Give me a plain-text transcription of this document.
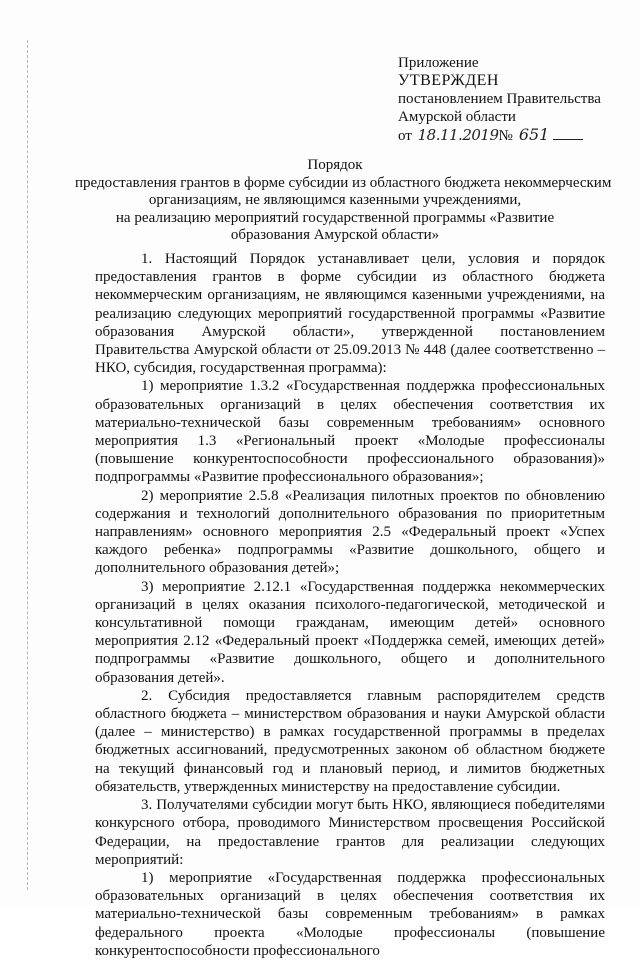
Приложение
УТВЕРЖДЕН
постановлением Правительства
Амурской области
от 18.11.2019№ 651
Порядок
предоставления грантов в форме субсидии из областного бюджета некоммерческим
организациям, не являющимся казенными учреждениями,
на реализацию мероприятий государственной программы «Развитие
образования Амурской области»

1. Настоящий Порядок устанавливает цели, условия и порядок предоставления грантов в форме субсидии из областного бюджета некоммерческим организациям, не являющимся казенными учреждениями, на реализацию следующих мероприятий государственной программы «Развитие образования Амурской области», утвержденной постановлением Правительства Амурской области от 25.09.2013 № 448 (далее соответственно – НКО, субсидия, государственная программа):

1) мероприятие 1.3.2 «Государственная поддержка профессиональных образовательных организаций в целях обеспечения соответствия их материально-технической базы современным требованиям» основного мероприятия 1.3 «Региональный проект «Молодые профессионалы (повышение конкурентоспособности профессионального образования)» подпрограммы «Развитие профессионального образования»;

2) мероприятие 2.5.8 «Реализация пилотных проектов по обновлению содержания и технологий дополнительного образования по приоритетным направлениям» основного мероприятия 2.5 «Федеральный проект «Успех каждого ребенка» подпрограммы «Развитие дошкольного, общего и дополнительного образования детей»;

3) мероприятие 2.12.1 «Государственная поддержка некоммерческих организаций в целях оказания психолого-педагогической, методической и консультативной помощи гражданам, имеющим детей» основного мероприятия 2.12 «Федеральный проект «Поддержка семей, имеющих детей» подпрограммы «Развитие дошкольного, общего и дополнительного образования детей».

2. Субсидия предоставляется главным распорядителем средств областного бюджета – министерством образования и науки Амурской области (далее – министерство) в рамках государственной программы в пределах бюджетных ассигнований, предусмотренных законом об областном бюджете на текущий финансовый год и плановый период, и лимитов бюджетных обязательств, утвержденных министерству на предоставление субсидии.

3. Получателями субсидии могут быть НКО, являющиеся победителями конкурсного отбора, проводимого Министерством просвещения Российской Федерации, на предоставление грантов для реализации следующих мероприятий:

1) мероприятие «Государственная поддержка профессиональных образовательных организаций в целях обеспечения соответствия их материально-технической базы современным требованиям» в рамках федерального проекта «Молодые профессионалы (повышение конкурентоспособности профессионального
